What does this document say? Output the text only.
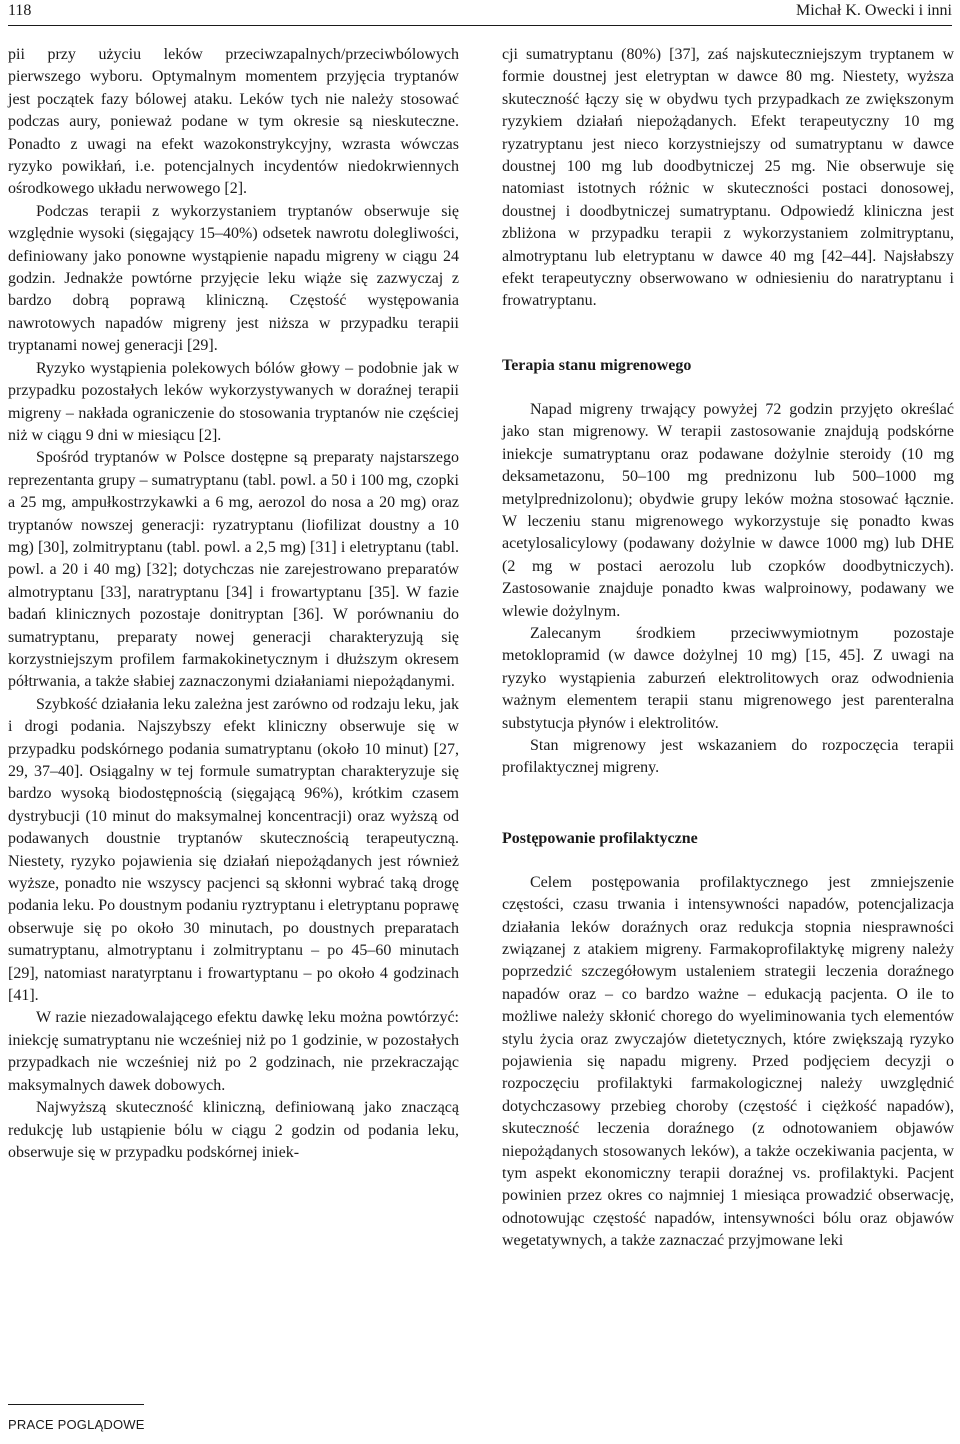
118	Michał K. Owecki i inni

pii przy użyciu leków przeciwzapalnych/przeciwbólowych pierwszego wyboru. Optymalnym momentem przyjęcia tryptanów jest początek fazy bólowej ataku. Leków tych nie należy stosować podczas aury, ponieważ podane w tym okresie są nieskuteczne. Ponadto z uwagi na efekt wazokonstrykcyjny, wzrasta wówczas ryzyko powikłań, i.e. potencjalnych incydentów niedokrwiennych ośrodkowego układu nerwowego [2].

Podczas terapii z wykorzystaniem tryptanów obserwuje się względnie wysoki (sięgający 15–40%) odsetek nawrotu dolegliwości, definiowany jako ponowne wystąpienie napadu migreny w ciągu 24 godzin. Jednakże powtórne przyjęcie leku wiąże się zazwyczaj z bardzo dobrą poprawą kliniczną. Częstość występowania nawrotowych napadów migreny jest niższa w przypadku terapii tryptanami nowej generacji [29].

Ryzyko wystąpienia polekowych bólów głowy – podobnie jak w przypadku pozostałych leków wykorzystywanych w doraźnej terapii migreny – nakłada ograniczenie do stosowania tryptanów nie częściej niż w ciągu 9 dni w miesiącu [2].

Spośród tryptanów w Polsce dostępne są preparaty najstarszego reprezentanta grupy – sumatryptanu (tabl. powl. a 50 i 100 mg, czopki a 25 mg, ampułkostrzykawki a 6 mg, aerozol do nosa a 20 mg) oraz tryptanów nowszej generacji: ryzatryptanu (liofilizat doustny a 10 mg) [30], zolmitryptanu (tabl. powl. a 2,5 mg) [31] i eletryptanu (tabl. powl. a 20 i 40 mg) [32]; dotychczas nie zarejestrowano preparatów almotryptanu [33], naratryptanu [34] i frowartyptanu [35]. W fazie badań klinicznych pozostaje donitryptan [36]. W porównaniu do sumatryptanu, preparaty nowej generacji charakteryzują się korzystniejszym profilem farmakokinetycznym i dłuższym okresem półtrwania, a także słabiej zaznaczonymi działaniami niepożądanymi.

Szybkość działania leku zależna jest zarówno od rodzaju leku, jak i drogi podania. Najszybszy efekt kliniczny obserwuje się w przypadku podskórnego podania sumatryptanu (około 10 minut) [27, 29, 37–40]. Osiągalny w tej formule sumatryptan charakteryzuje się bardzo wysoką biodostępnością (sięgającą 96%), krótkim czasem dystrybucji (10 minut do maksymalnej koncentracji) oraz wyższą od podawanych doustnie tryptanów skutecznością terapeutyczną. Niestety, ryzyko pojawienia się działań niepożądanych jest również wyższe, ponadto nie wszyscy pacjenci są skłonni wybrać taką drogę podania leku. Po doustnym podaniu ryztryptanu i eletryptanu poprawę obserwuje się po około 30 minutach, po doustnych preparatach sumatryptanu, almotryptanu i zolmitryptanu – po 45–60 minutach [29], natomiast naratyrptanu i frowartyptanu – po około 4 godzinach [41].

W razie niezadowalającego efektu dawkę leku można powtórzyć: iniekcję sumatryptanu nie wcześniej niż po 1 godzinie, w pozostałych przypadkach nie wcześniej niż po 2 godzinach, nie przekraczając maksymalnych dawek dobowych.

Najwyższą skuteczność kliniczną, definiowaną jako znaczącą redukcję lub ustąpienie bólu w ciągu 2 godzin od podania leku, obserwuje się w przypadku podskórnej iniek-

cji sumatryptanu (80%) [37], zaś najskuteczniejszym tryptanem w formie doustnej jest eletryptan w dawce 80 mg. Niestety, wyższa skuteczność łączy się w obydwu tych przypadkach ze zwiększonym ryzykiem działań niepożądanych. Efekt terapeutyczny 10 mg ryzatryptanu jest nieco korzystniejszy od sumatryptanu w dawce doustnej 100 mg lub doodbytniczej 25 mg. Nie obserwuje się natomiast istotnych różnic w skuteczności postaci donosowej, doustnej i doodbytniczej sumatryptanu. Odpowiedź kliniczna jest zbliżona w przypadku terapii z wykorzystaniem zolmitryptanu, almotryptanu lub eletryptanu w dawce 40 mg [42–44]. Najsłabszy efekt terapeutyczny obserwowano w odniesieniu do naratryptanu i frowatryptanu.

Terapia stanu migrenowego

Napad migreny trwający powyżej 72 godzin przyjęto określać jako stan migrenowy. W terapii zastosowanie znajdują podskórne iniekcje sumatryptanu oraz podawane dożylnie steroidy (10 mg deksametazonu, 50–100 mg prednizonu lub 500–1000 mg metylprednizolonu); obydwie grupy leków można stosować łącznie. W leczeniu stanu migrenowego wykorzystuje się ponadto kwas acetylosalicylowy (podawany dożylnie w dawce 1000 mg) lub DHE (2 mg w postaci aerozolu lub czopków doodbytniczych). Zastosowanie znajduje ponadto kwas walproinowy, podawany we wlewie dożylnym.

Zalecanym środkiem przeciwwymiotnym pozostaje metoklopramid (w dawce dożylnej 10 mg) [15, 45]. Z uwagi na ryzyko wystąpienia zaburzeń elektrolitowych oraz odwodnienia ważnym elementem terapii stanu migrenowego jest parenteralna substytucja płynów i elektrolitów.

Stan migrenowy jest wskazaniem do rozpoczęcia terapii profilaktycznej migreny.

Postępowanie profilaktyczne

Celem postępowania profilaktycznego jest zmniejszenie częstości, czasu trwania i intensywności napadów, potencjalizacja działania leków doraźnych oraz redukcja stopnia niesprawności związanej z atakiem migreny. Farmakoprofilaktykę migreny należy poprzedzić szczegółowym ustaleniem strategii leczenia doraźnego napadów oraz – co bardzo ważne – edukacją pacjenta. O ile to możliwe należy skłonić chorego do wyeliminowania tych elementów stylu życia oraz zwyczajów dietetycznych, które zwiększają ryzyko pojawienia się napadu migreny. Przed podjęciem decyzji o rozpoczęciu profilaktyki farmakologicznej należy uwzględnić dotychczasowy przebieg choroby (częstość i ciężkość napadów), skuteczność leczenia doraźnego (z odnotowaniem objawów niepożądanych stosowanych leków), a także oczekiwania pacjenta, w tym aspekt ekonomiczny terapii doraźnej vs. profilaktyki. Pacjent powinien przez okres co najmniej 1 miesiąca prowadzić obserwację, odnotowując częstość napadów, intensywności bólu oraz objawów wegetatywnych, a także zaznaczać przyjmowane leki

PRACE POGLĄDOWE
